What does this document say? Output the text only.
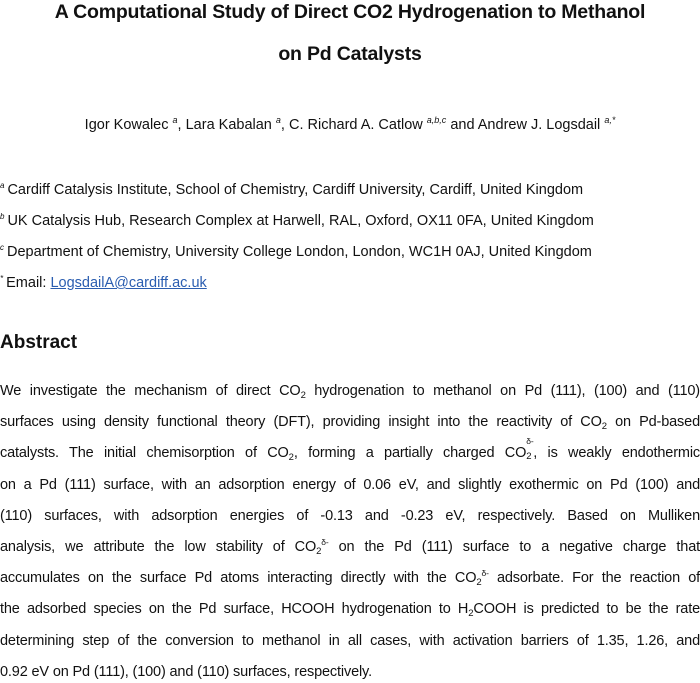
A Computational Study of Direct CO2 Hydrogenation to Methanol
on Pd Catalysts
Igor Kowalec $^a$, Lara Kabalan $^a$, C. Richard A. Catlow $^{a,b,c}$ and Andrew J. Logsdail $^{a,*}$
$^a$ Cardiff Catalysis Institute, School of Chemistry, Cardiff University, Cardiff, United Kingdom
$^b$ UK Catalysis Hub, Research Complex at Harwell, RAL, Oxford, OX11 0FA, United Kingdom
$^c$ Department of Chemistry, University College London, London, WC1H 0AJ, United Kingdom
* Email: LogsdailA@cardiff.ac.uk
Abstract
We investigate the mechanism of direct $CO_2$ hydrogenation to methanol on Pd (111), (100) and (110)
surfaces using density functional theory (DFT), providing insight into the reactivity of $CO_2$ on Pd-based
catalysts. The initial chemisorption of $CO_2$, forming a partially charged CO 2
δ-
, is weakly endothermic
on a Pd (111) surface, with an adsorption energy of 0.06 eV, and slightly exothermic on Pd (100) and
(110) surfaces, with adsorption energies of -0.13 and -0.23 eV, respectively. Based on Mulliken
analysis, we attribute the low stability of $CO_2^{\delta-}$ on the Pd (111) surface to a negative charge that
accumulates on the surface Pd atoms interacting directly with the $CO_2^{\delta-}$ adsorbate. For the reaction of
the adsorbed species on the Pd surface, HCOOH hydrogenation to $H_2COOH$ is predicted to be the rate
determining step of the conversion to methanol in all cases, with activation barriers of 1.35, 1.26, and
0.92 eV on Pd (111), (100) and (110) surfaces, respectively.
